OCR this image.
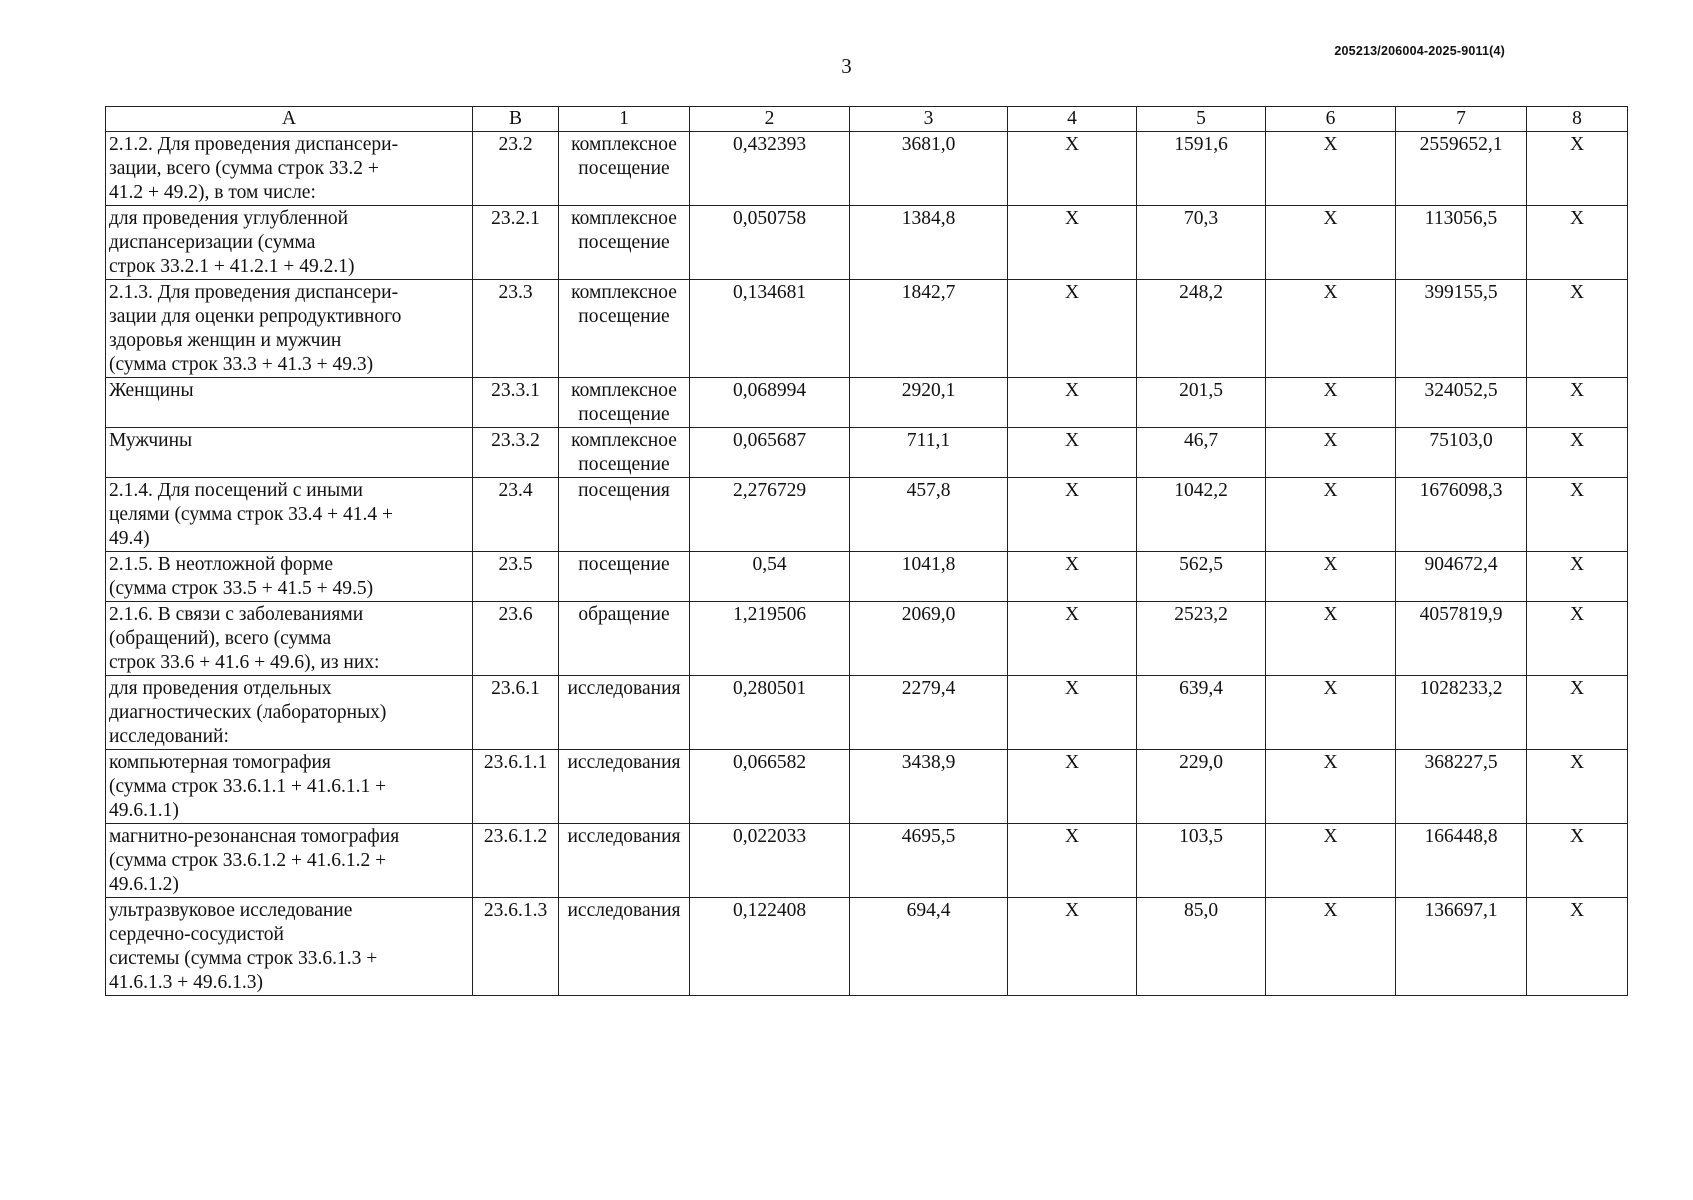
3
205213/206004-2025-9011(4)
A	B	1	2	3	4	5	6	7	8
2.1.2. Для проведения диспансери-
зации, всего (сумма строк 33.2 +
41.2 + 49.2), в том числе:	23.2	комплексное
посещение	0,432393	3681,0	X	1591,6	X	2559652,1	X
для проведения углубленной
диспансеризации (сумма
строк 33.2.1 + 41.2.1 + 49.2.1)	23.2.1	комплексное
посещение	0,050758	1384,8	X	70,3	X	113056,5	X
2.1.3. Для проведения диспансери-
зации для оценки репродуктивного
здоровья женщин и мужчин
(сумма строк 33.3 + 41.3 + 49.3)	23.3	комплексное
посещение	0,134681	1842,7	X	248,2	X	399155,5	X
Женщины	23.3.1	комплексное
посещение	0,068994	2920,1	X	201,5	X	324052,5	X
Мужчины	23.3.2	комплексное
посещение	0,065687	711,1	X	46,7	X	75103,0	X
2.1.4. Для посещений с иными
целями (сумма строк 33.4 + 41.4 +
49.4)	23.4	посещения	2,276729	457,8	X	1042,2	X	1676098,3	X
2.1.5. В неотложной форме
(сумма строк 33.5 + 41.5 + 49.5)	23.5	посещение	0,54	1041,8	X	562,5	X	904672,4	X
2.1.6. В связи с заболеваниями
(обращений), всего (сумма
строк 33.6 + 41.6 + 49.6), из них:	23.6	обращение	1,219506	2069,0	X	2523,2	X	4057819,9	X
для проведения отдельных
диагностических (лабораторных)
исследований:	23.6.1	исследования	0,280501	2279,4	X	639,4	X	1028233,2	X
компьютерная томография
(сумма строк 33.6.1.1 + 41.6.1.1 +
49.6.1.1)	23.6.1.1	исследования	0,066582	3438,9	X	229,0	X	368227,5	X
магнитно-резонансная томография
(сумма строк 33.6.1.2 + 41.6.1.2 +
49.6.1.2)	23.6.1.2	исследования	0,022033	4695,5	X	103,5	X	166448,8	X
ультразвуковое исследование
сердечно-сосудистой
системы (сумма строк 33.6.1.3 +
41.6.1.3 + 49.6.1.3)	23.6.1.3	исследования	0,122408	694,4	X	85,0	X	136697,1	X
